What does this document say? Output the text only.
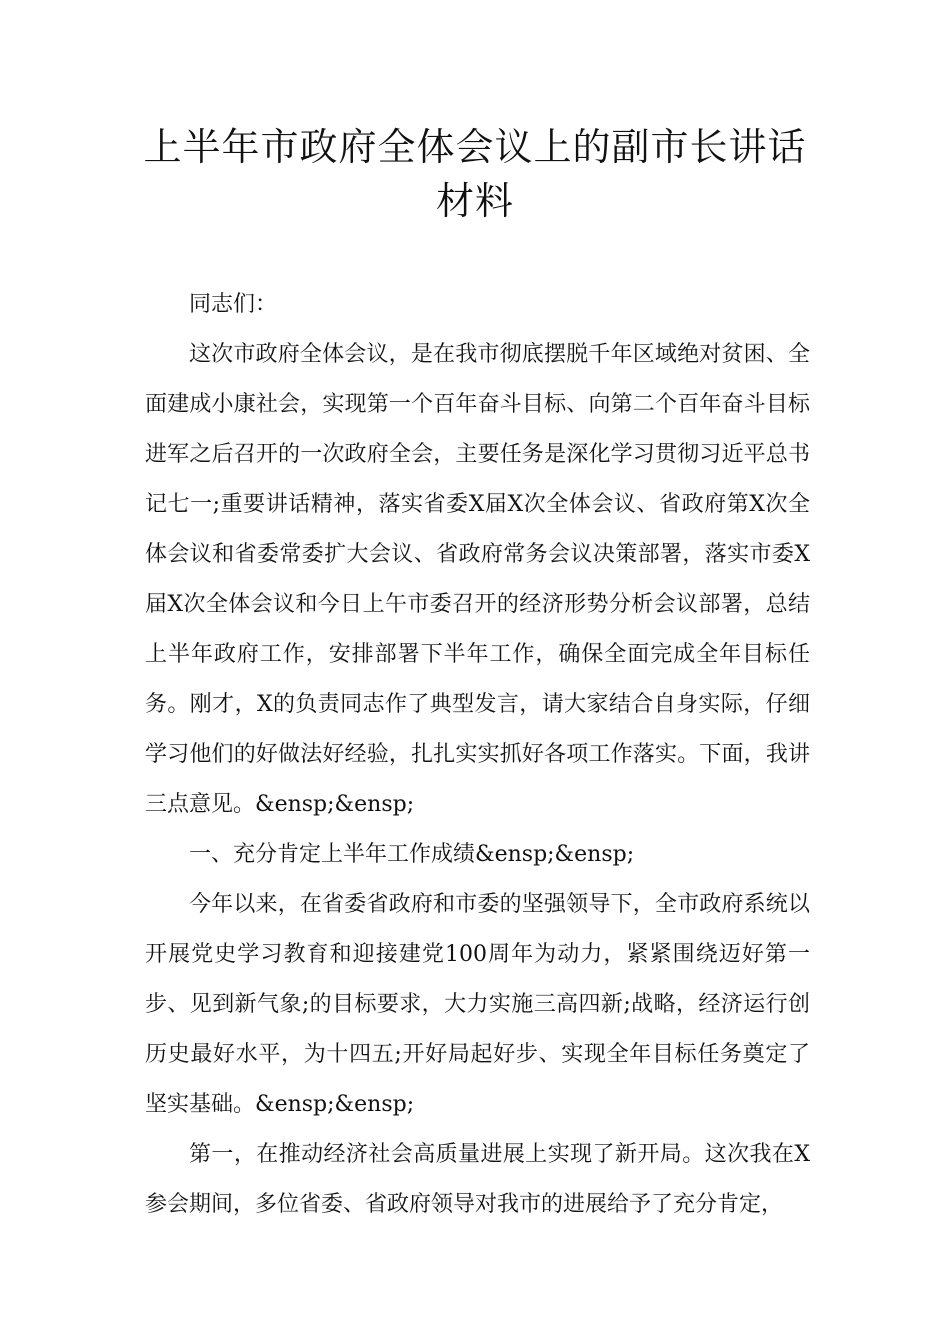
上半年市政府全体会议上的副市长讲话
材料

同志们：

这次市政府全体会议，是在我市彻底摆脱千年区域绝对贫困、全面建成小康社会，实现第一个百年奋斗目标、向第二个百年奋斗目标进军之后召开的一次政府全会，主要任务是深化学习贯彻习近平总书记七一;重要讲话精神，落实省委X届X次全体会议、省政府第X次全体会议和省委常委扩大会议、省政府常务会议决策部署，落实市委X届X次全体会议和今日上午市委召开的经济形势分析会议部署，总结上半年政府工作，安排部署下半年工作，确保全面完成全年目标任务。刚才，X的负责同志作了典型发言，请大家结合自身实际，仔细学习他们的好做法好经验，扎扎实实抓好各项工作落实。下面，我讲三点意见。&ensp;&ensp;

一、充分肯定上半年工作成绩&ensp;&ensp;

今年以来，在省委省政府和市委的坚强领导下，全市政府系统以开展党史学习教育和迎接建党100周年为动力，紧紧围绕迈好第一步、见到新气象;的目标要求，大力实施三高四新;战略，经济运行创历史最好水平，为十四五;开好局起好步、实现全年目标任务奠定了坚实基础。&ensp;&ensp;

第一，在推动经济社会高质量进展上实现了新开局。这次我在X参会期间，多位省委、省政府领导对我市的进展给予了充分肯定，
